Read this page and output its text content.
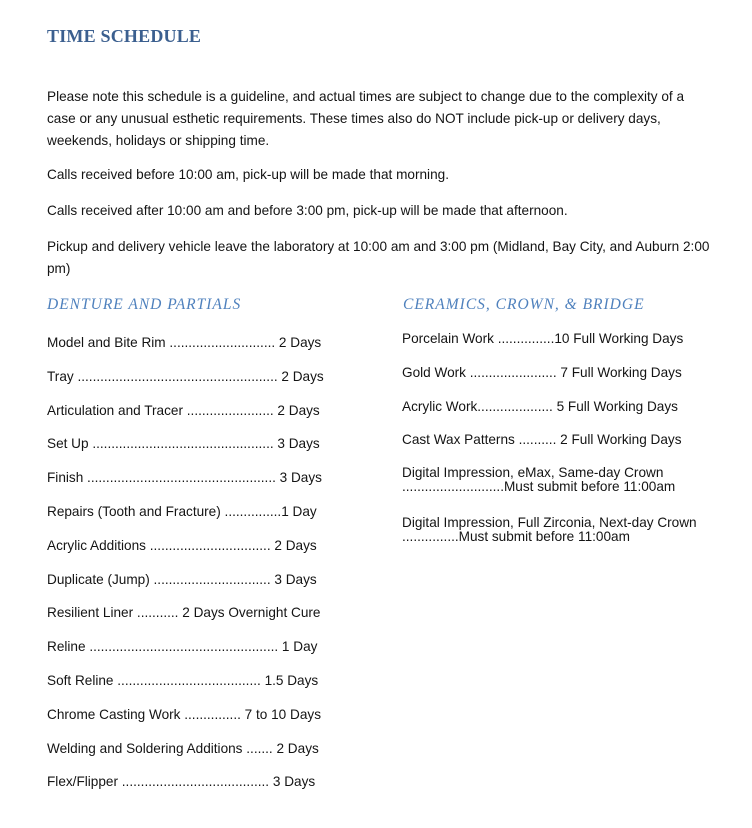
TIME SCHEDULE

Please note this schedule is a guideline, and actual times are subject to change due to the complexity of a case or any unusual esthetic requirements. These times also do NOT include pick-up or delivery days, weekends, holidays or shipping time.

Calls received before 10:00 am, pick-up will be made that morning.

Calls received after 10:00 am and before 3:00 pm, pick-up will be made that afternoon.

Pickup and delivery vehicle leave the laboratory at 10:00 am and 3:00 pm (Midland, Bay City, and Auburn 2:00 pm)

DENTURE AND PARTIALS	CERAMICS, CROWN, & BRIDGE
Model and Bite Rim ............................ 2 Days
Tray ..................................................... 2 Days
Articulation and Tracer ....................... 2 Days
Set Up ................................................ 3 Days
Finish .................................................. 3 Days
Repairs (Tooth and Fracture) ...............1 Day
Acrylic Additions ................................ 2 Days
Duplicate (Jump) ............................... 3 Days
Resilient Liner ........... 2 Days Overnight Cure
Reline .................................................. 1 Day
Soft Reline ...................................... 1.5 Days
Chrome Casting Work ............... 7 to 10 Days
Welding and Soldering Additions ....... 2 Days
Flex/Flipper ....................................... 3 Days
Porcelain Work ...............10 Full Working Days
Gold Work ....................... 7 Full Working Days
Acrylic Work.................... 5 Full Working Days
Cast Wax Patterns .......... 2 Full Working Days
Digital Impression, eMax, Same-day Crown ...........................Must submit before 11:00am
Digital Impression, Full Zirconia, Next-day Crown ...............Must submit before 11:00am
